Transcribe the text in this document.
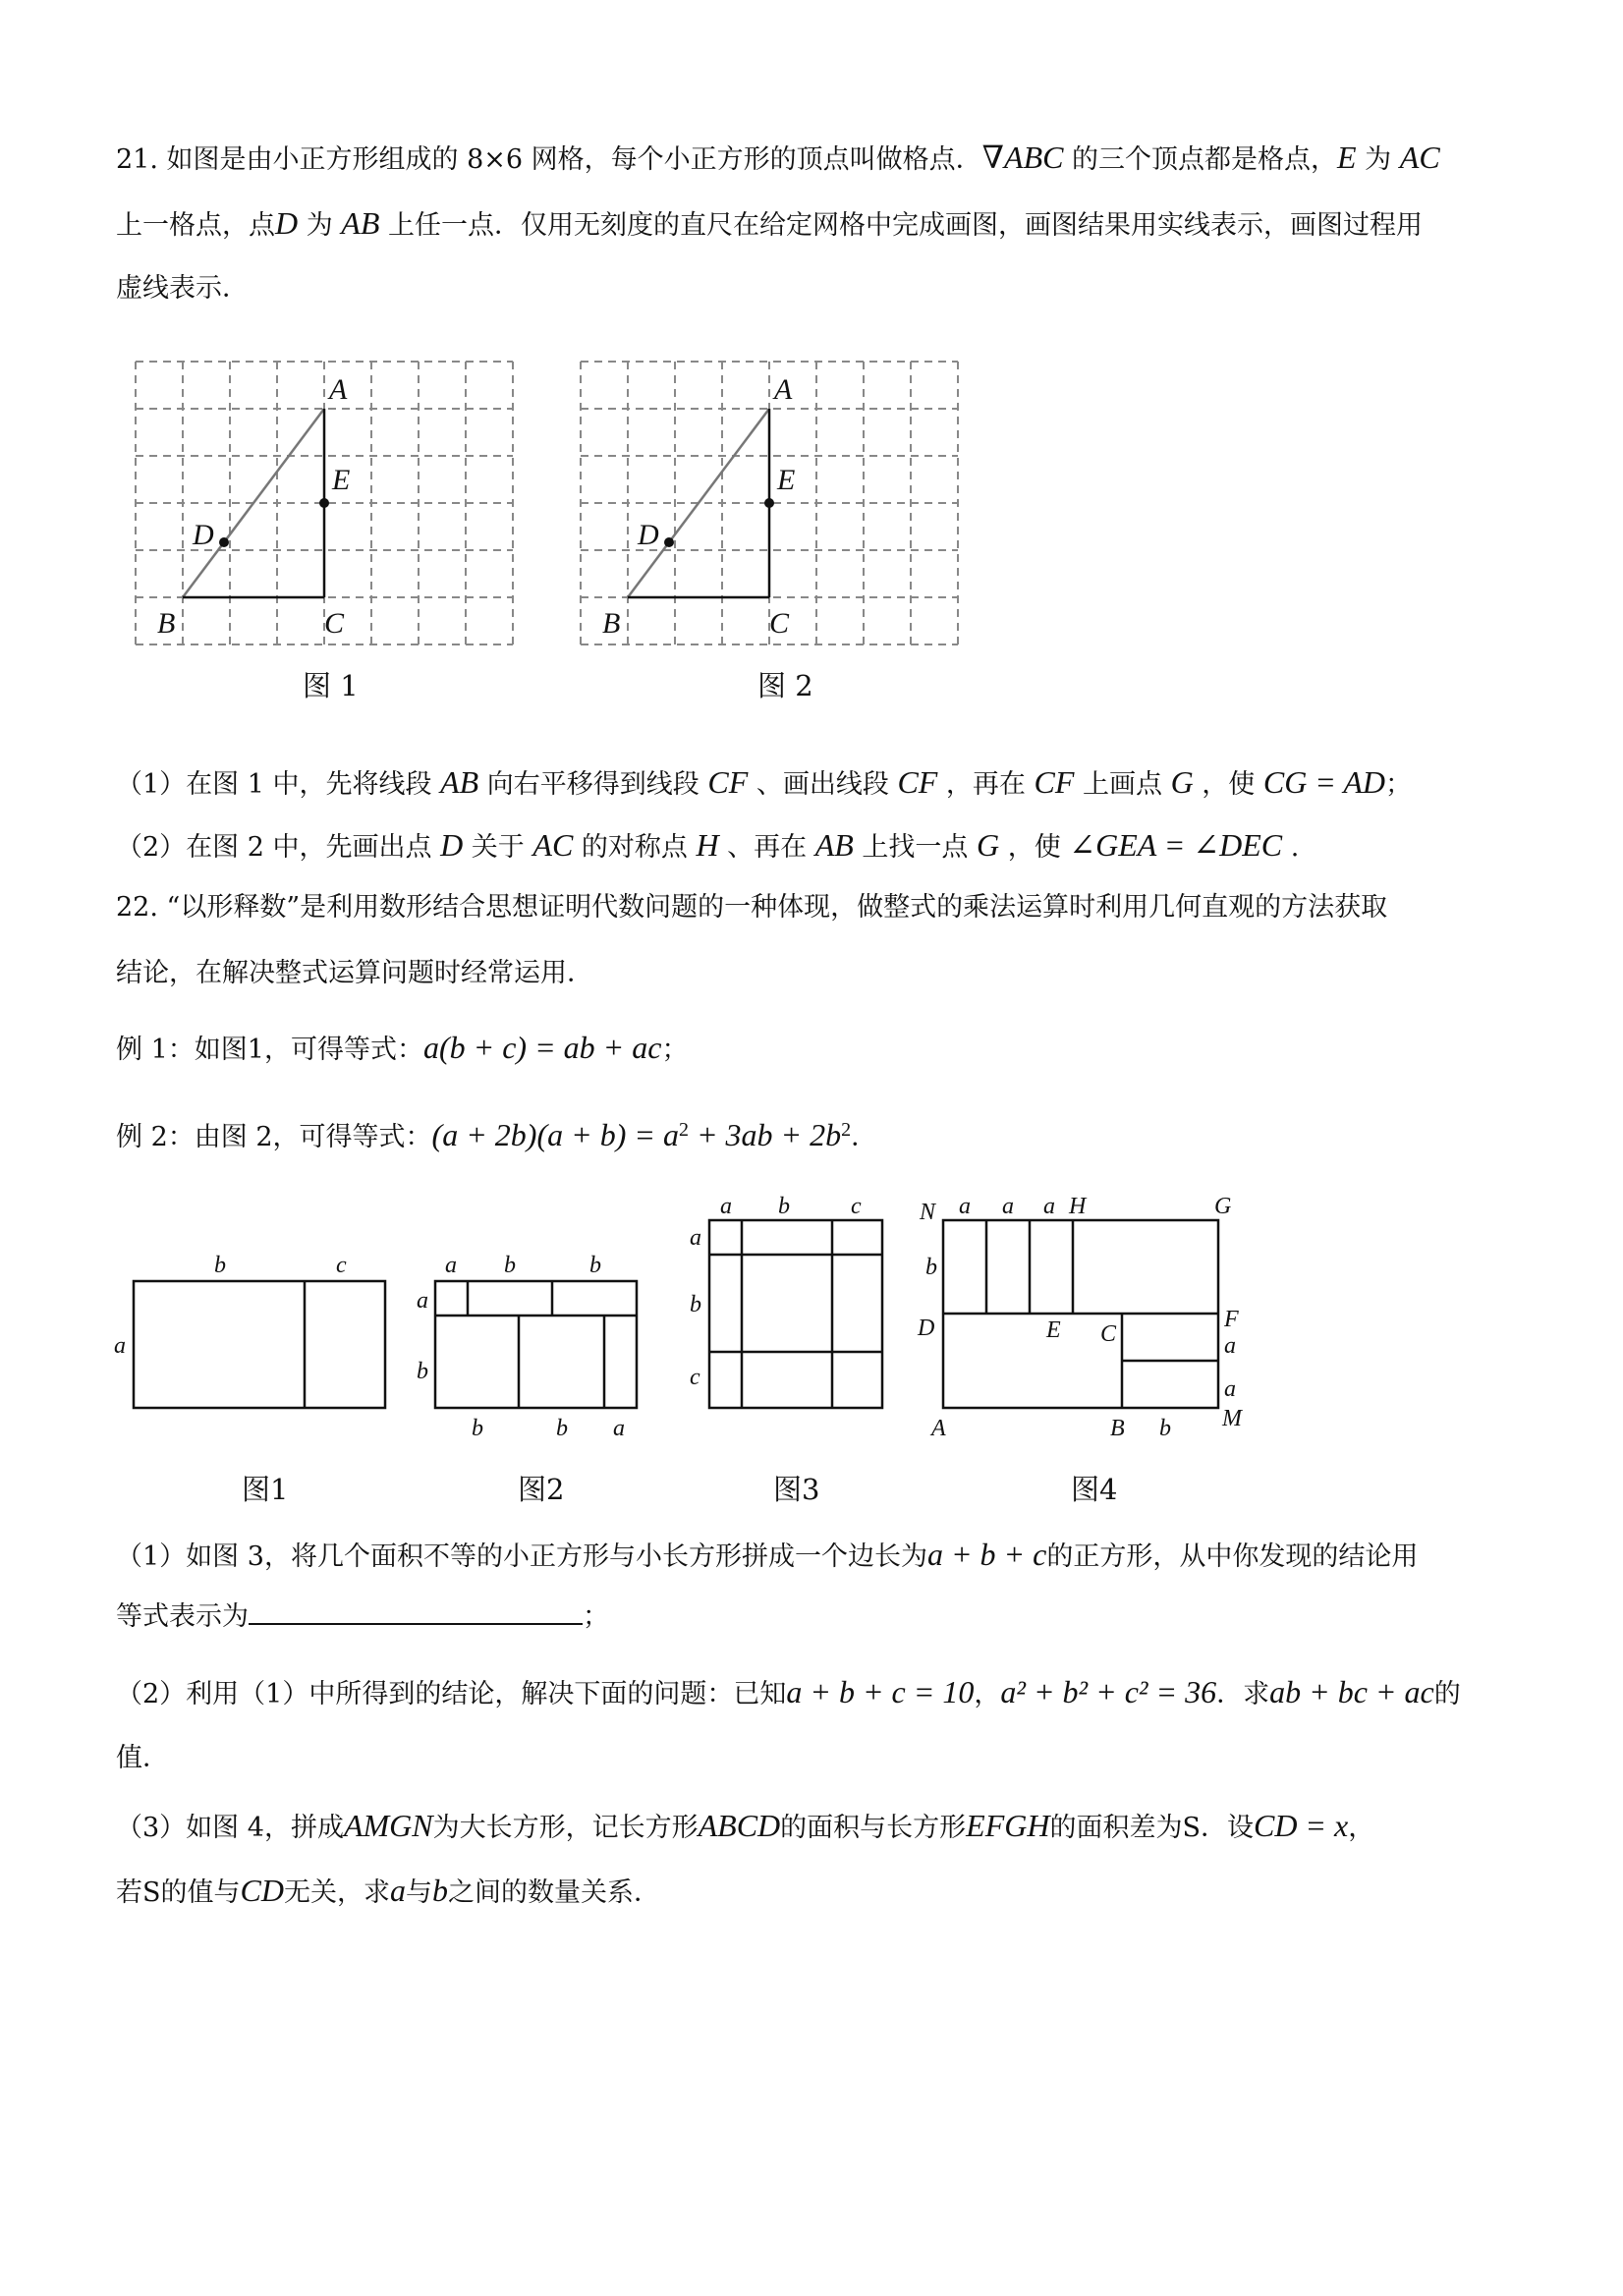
21. 如图是由小正方形组成的 8×6 网格，每个小正方形的顶点叫做格点．∇ABC 的三个顶点都是格点，E 为 AC
上一格点，点D 为 AB 上任一点．仅用无刻度的直尺在给定网格中完成画图，画图结果用实线表示，画图过程用
虚线表示．
A
E
D
B	C
图 1
A
E
D
B	C
图 2
（1）在图 1 中，先将线段 AB 向右平移得到线段 CF 、画出线段 CF ，再在 CF 上画点 G ，使 CG = AD；
（2）在图 2 中，先画出点 D 关于 AC 的对称点 H 、再在 AB 上找一点 G ，使 ∠GEA = ∠DEC .
22. “以形释数”是利用数形结合思想证明代数问题的一种体现，做整式的乘法运算时利用几何直观的方法获取
结论，在解决整式运算问题时经常运用．
例 1：如图1，可得等式：a(b + c) = ab + ac；
例 2：由图 2，可得等式：$(a + 2b)(a + b) = a^2 + 3ab + 2b^2$．
b	c
a
a b	b
a
b
b	b a
a b	c
a
b
c
N a a a H	G
b
D	E C
F
a
a
A	B b M
图1	图2	图3	图4
（1）如图 3，将几个面积不等的小正方形与小长方形拼成一个边长为a + b + c的正方形，从中你发现的结论用
等式表示为	；
（2）利用（1）中所得到的结论，解决下面的问题：已知a + b + c = 10，a² + b² + c² = 36．求ab + bc + ac的
值．
（3）如图 4，拼成AMGN为大长方形，记长方形ABCD的面积与长方形EFGH的面积差为S．设CD = x，
若S的值与CD无关，求a与b之间的数量关系．
